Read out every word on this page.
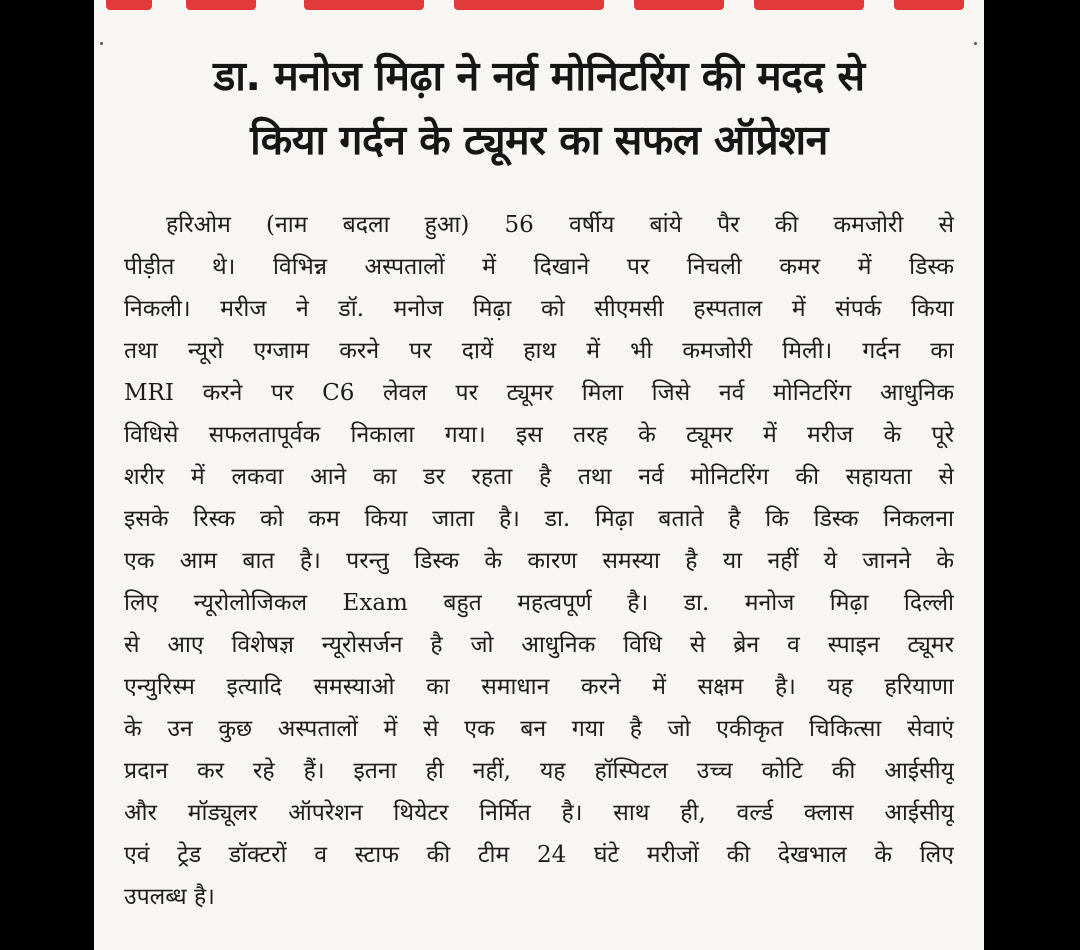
डा. मनोज मिढ़ा ने नर्व मोनिटरिंग की मदद से
किया गर्दन के ट्यूमर का सफल ऑप्रेशन
हरिओम (नाम बदला हुआ) 56 वर्षीय बांये पैर की कमजोरी से
पीड़ीत थे। विभिन्न अस्पतालों में दिखाने पर निचली कमर में डिस्क
निकली। मरीज ने डॉ. मनोज मिढ़ा को सीएमसी हस्पताल में संपर्क किया
तथा न्यूरो एग्जाम करने पर दायें हाथ में भी कमजोरी मिली। गर्दन का
MRI करने पर C6 लेवल पर ट्यूमर मिला जिसे नर्व मोनिटरिंग आधुनिक
विधिसे सफलतापूर्वक निकाला गया। इस तरह के ट्यूमर में मरीज के पूरे
शरीर में लकवा आने का डर रहता है तथा नर्व मोनिटरिंग की सहायता से
इसके रिस्क को कम किया जाता है। डा. मिढ़ा बताते है कि डिस्क निकलना
एक आम बात है। परन्तु डिस्क के कारण समस्या है या नहीं ये जानने के
लिए न्यूरोलोजिकल Exam बहुत महत्वपूर्ण है। डा. मनोज मिढ़ा दिल्ली
से आए विशेषज्ञ न्यूरोसर्जन है जो आधुनिक विधि से ब्रेन व स्पाइन ट्यूमर
एन्युरिस्म इत्यादि समस्याओ का समाधान करने में सक्षम है। यह हरियाणा
के उन कुछ अस्पतालों में से एक बन गया है जो एकीकृत चिकित्सा सेवाएं
प्रदान कर रहे हैं। इतना ही नहीं, यह हॉस्पिटल उच्च कोटि की आईसीयू
और मॉड्यूलर ऑपरेशन थियेटर निर्मित है। साथ ही, वर्ल्ड क्लास आईसीयू
एवं ट्रेड डॉक्टरों व स्टाफ की टीम 24 घंटे मरीजों की देखभाल के लिए
उपलब्ध है।
